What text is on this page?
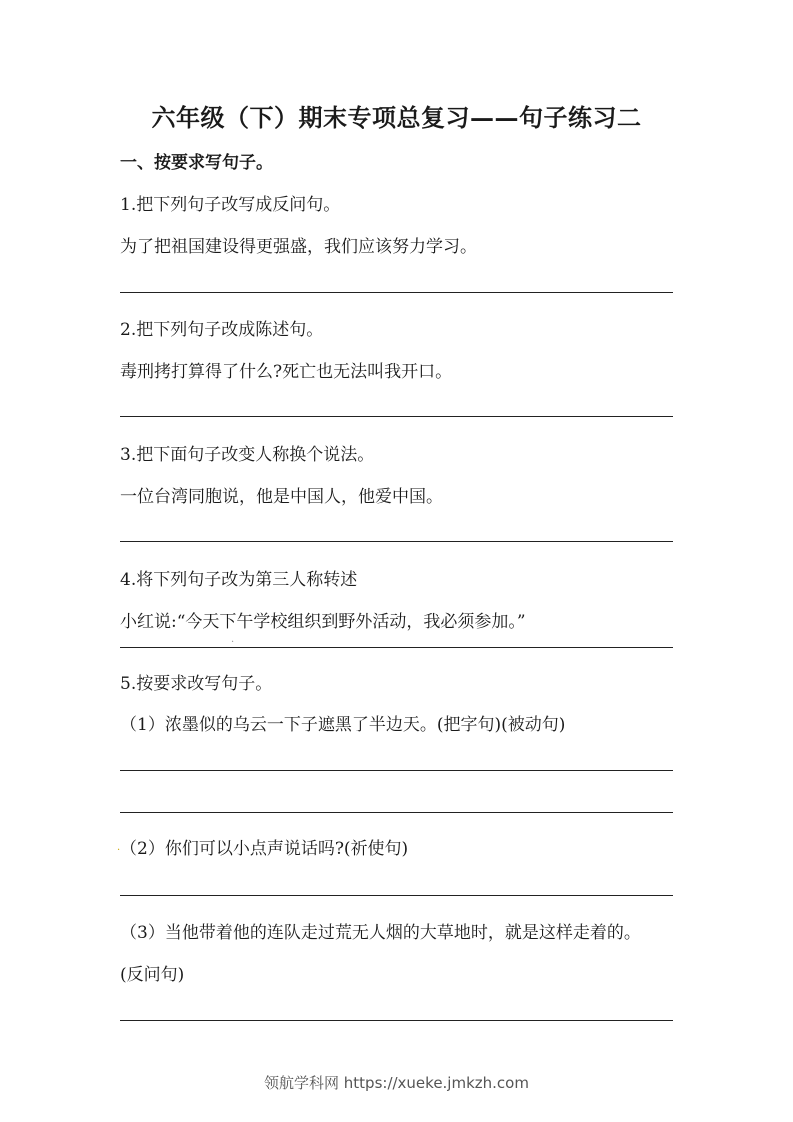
六年级（下）期末专项总复习——句子练习二
一、按要求写句子。
1.把下列句子改写成反问句。
为了把祖国建设得更强盛，我们应该努力学习。
2.把下列句子改成陈述句。
毒刑拷打算得了什么?死亡也无法叫我开口。
3.把下面句子改变人称换个说法。
一位台湾同胞说，他是中国人，他爱中国。
4.将下列句子改为第三人称转述
小红说:“今天下午学校组织到野外活动，我必须参加。”
·
5.按要求改写句子。
（1）浓墨似的乌云一下子遮黑了半边天。(把字句)(被动句)
. （2）你们可以小点声说话吗?(祈使句)
（3）当他带着他的连队走过荒无人烟的大草地时，就是这样走着的。
(反问句)
领航学科网 https://xueke.jmkzh.com
